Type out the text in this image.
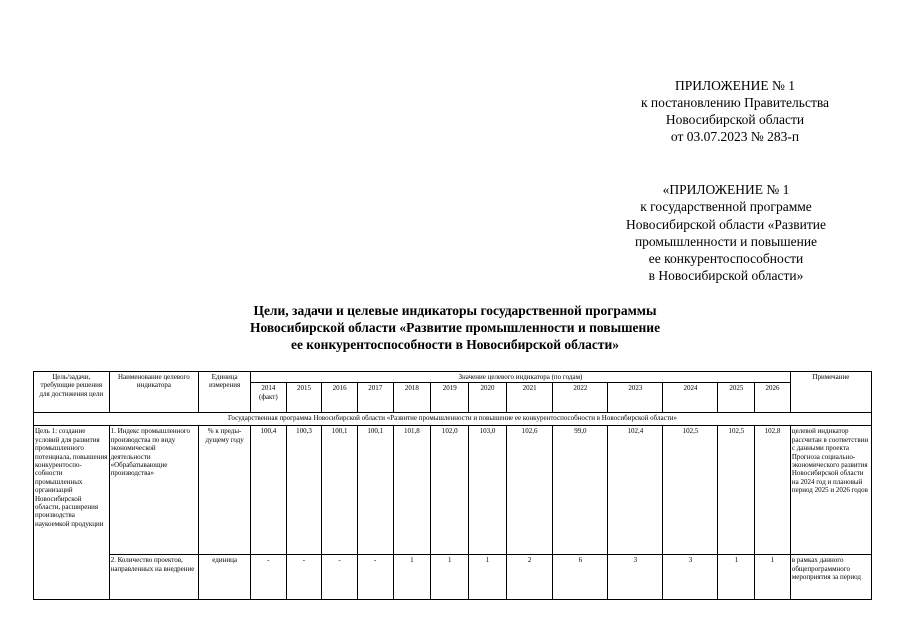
ПРИЛОЖЕНИЕ № 1
к постановлению Правительства
Новосибирской области
от 03.07.2023 № 283-п
«ПРИЛОЖЕНИЕ № 1
к государственной программе
Новосибирской области «Развитие
промышленности и повышение
ее конкурентоспособности
в Новосибирской области»
Цели, задачи и целевые индикаторы государственной программы
Новосибирской области «Развитие промышленности и повышение
ее конкурентоспособности в Новосибирской области»
Цель/задачи, требующие решения для достижения цели	Наименование целевого индикатора	Единица измерения	Значение целевого индикатора (по годам)													Примечание
			2014 (факт)	2015	2016	2017	2018	2019	2020	2021	2022	2023	2024	2025	2026	
Государственная программа Новосибирской области «Развитие промышленности и повышение ее конкурентоспособности в Новосибирской области»																
Цель 1: создание условий для развития промышленного потенциала, повышения конкурентоспо-собности промышленных организаций Новосибирской области, расширения производства наукоемкой продукции	1. Индекс промышленного производства по виду экономической деятельности «Обрабатывающие производства»	% к преды-дущему году	100,4	100,3	100,1	100,1	101,8	102,0	103,0	102,6	99,0	102,4	102,5	102,5	102,8	целевой индикатор рассчитан в соответствии с данными проекта Прогноза социально-экономического развития Новосибирской области на 2024 год и плановый период 2025 и 2026 годов
	2. Количество проектов, направленных на внедрение	единица	-	-	-	-	1	1	1	2	6	3	3	1	1	в рамках данного общепрограммного мероприятия за период
